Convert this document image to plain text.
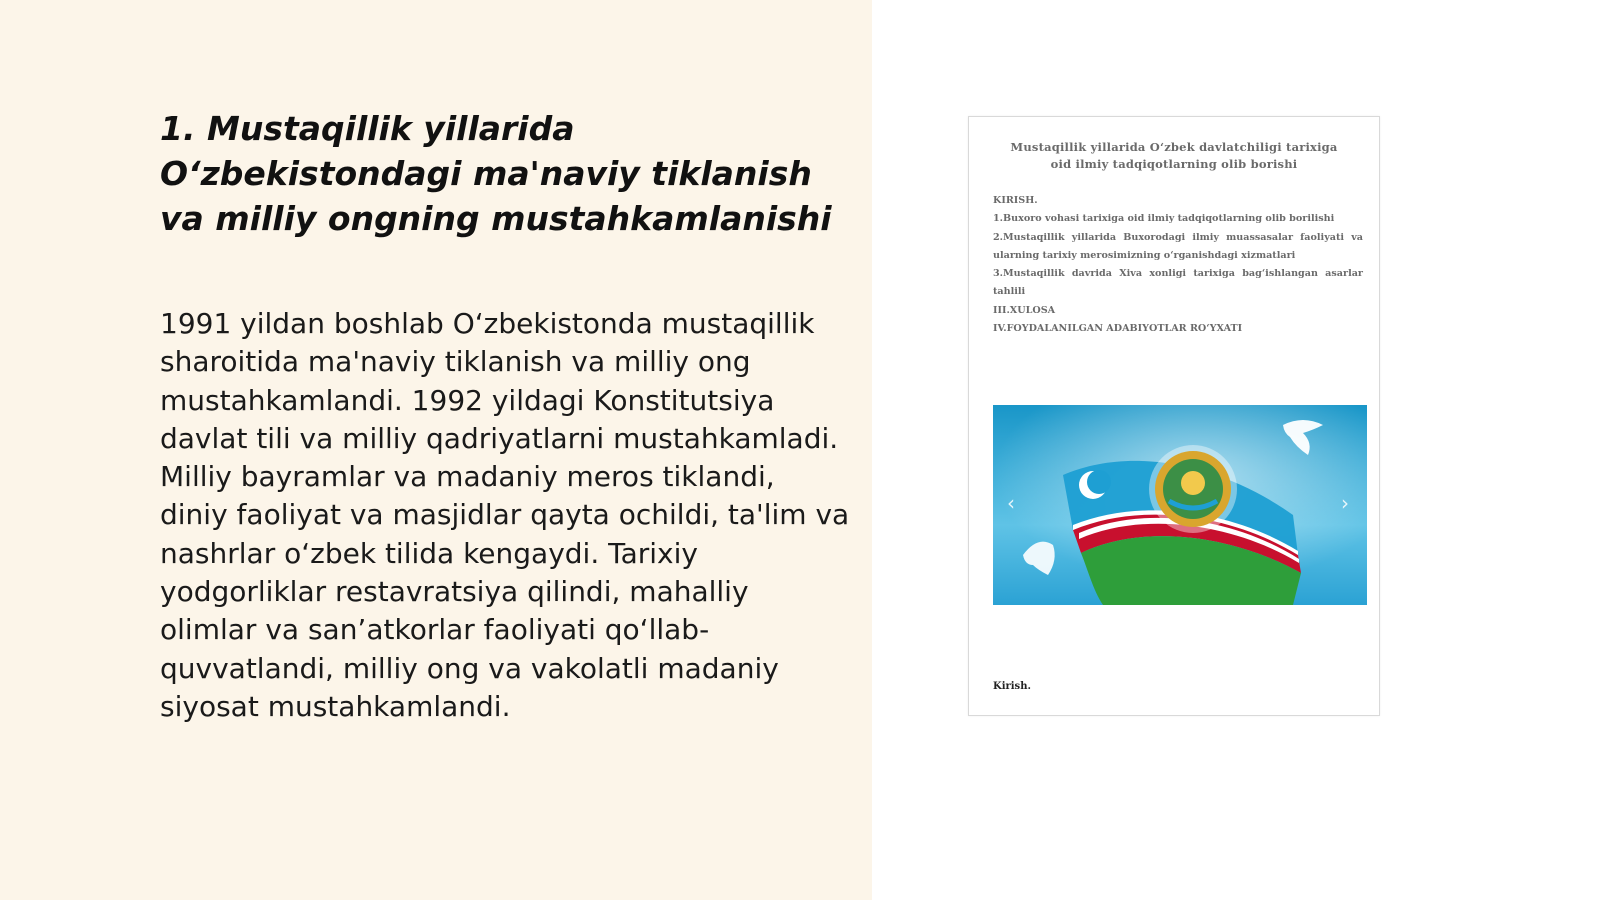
1. Mustaqillik yillarida O‘zbekistondagi ma'naviy tiklanish va milliy ongning mustahkamlanishi

1991 yildan boshlab O‘zbekistonda mustaqillik sharoitida ma'naviy tiklanish va milliy ong mustahkamlandi. 1992 yildagi Konstitutsiya davlat tili va milliy qadriyatlarni mustahkamladi. Milliy bayramlar va madaniy meros tiklandi, diniy faoliyat va masjidlar qayta ochildi, ta'lim va nashrlar o‘zbek tilida kengaydi. Tarixiy yodgorliklar restavratsiya qilindi, mahalliy olimlar va san’atkorlar faoliyati qo‘llab-quvvatlandi, milliy ong va vakolatli madaniy siyosat mustahkamlandi.

Mustaqillik yillarida O‘zbek davlatchiligi tarixiga oid ilmiy tadqiqotlarning olib borishi
KIRISH.
1.Buxoro vohasi tarixiga oid ilmiy tadqiqotlarning olib borilishi
2.Mustaqillik yillarida Buxorodagi ilmiy muassasalar faoliyati va ularning tarixiy merosimizning o‘rganishdagi xizmatlari
3.Mustaqillik davrida Xiva xonligi tarixiga bag‘ishlangan asarlar tahlili
III.XULOSA
IV.FOYDALANILGAN ADABIYOTLAR RO‘YXATI
‹	›
Kirish.
